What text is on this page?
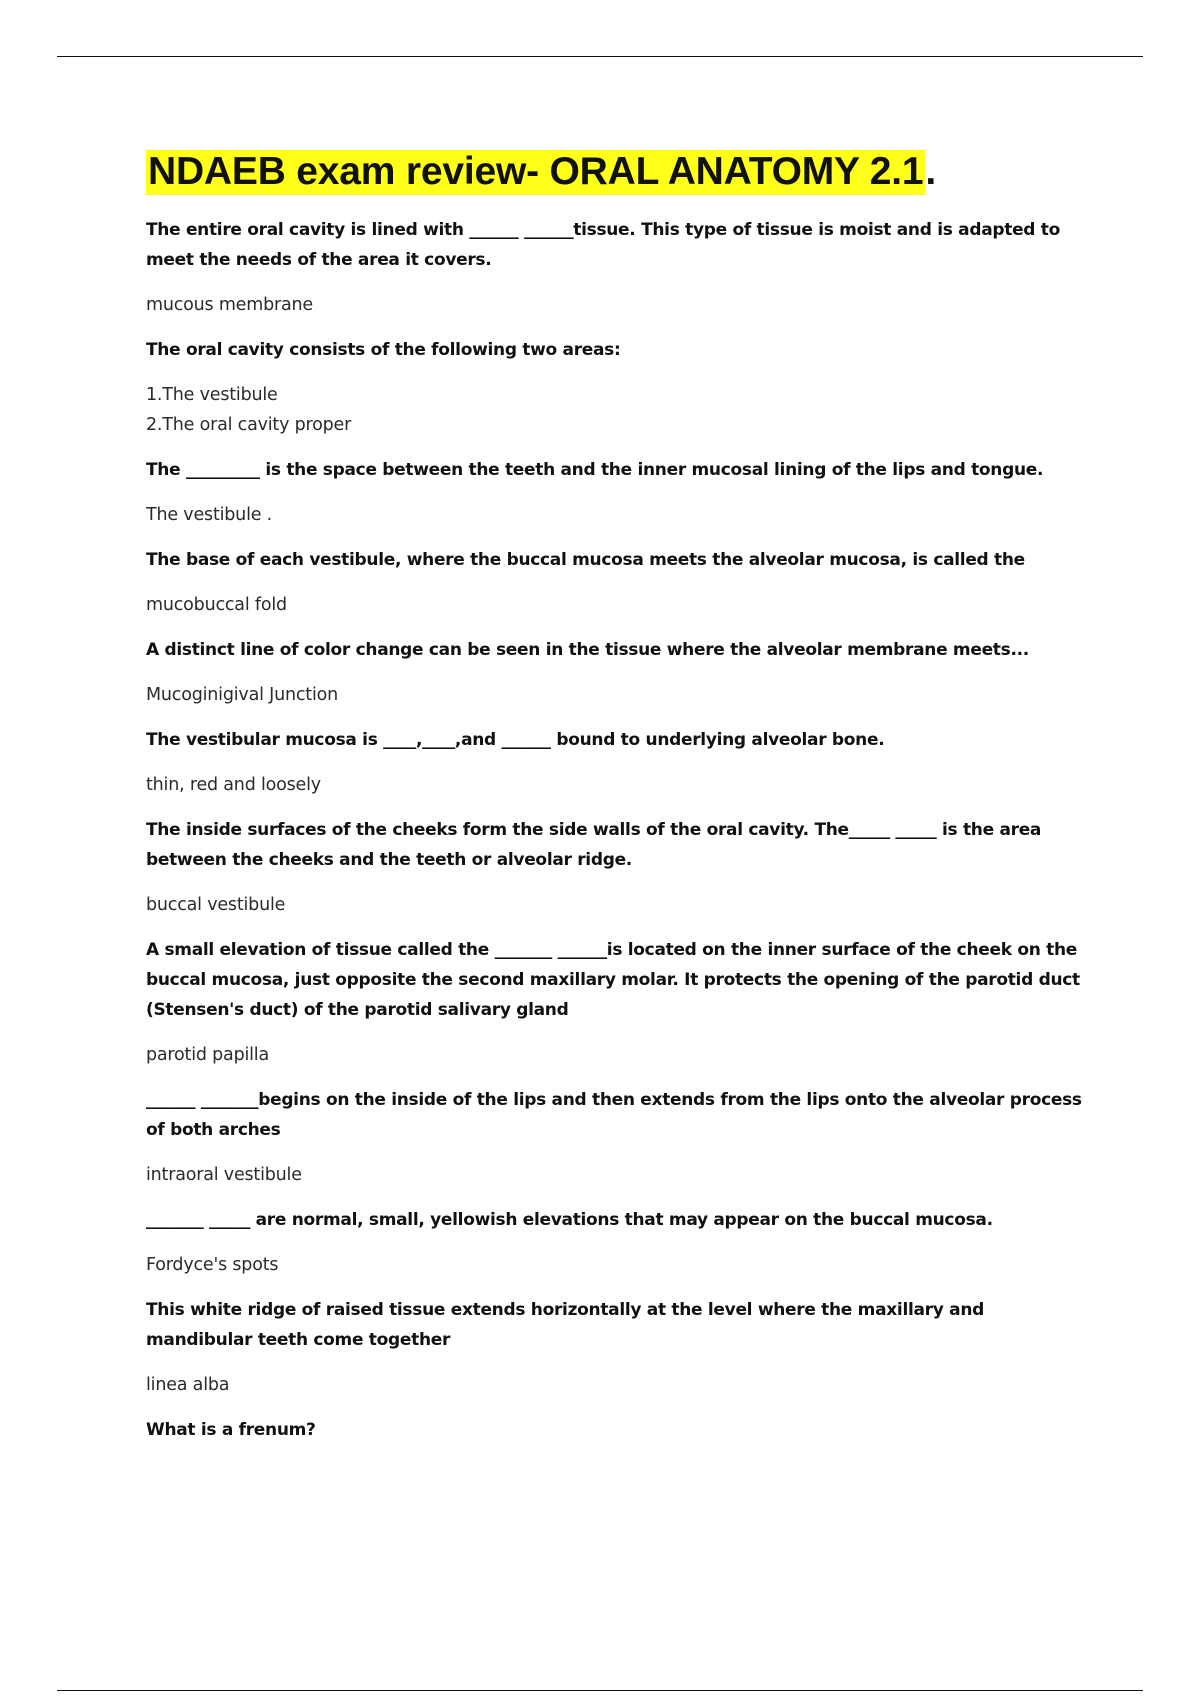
NDAEB exam review- ORAL ANATOMY 2.1.

The entire oral cavity is lined with ______ ______tissue. This type of tissue is moist and is adapted to meet the needs of the area it covers.

mucous membrane

The oral cavity consists of the following two areas:

1.The vestibule
2.The oral cavity proper

The _________ is the space between the teeth and the inner mucosal lining of the lips and tongue.

The vestibule .

The base of each vestibule, where the buccal mucosa meets the alveolar mucosa, is called the

mucobuccal fold

A distinct line of color change can be seen in the tissue where the alveolar membrane meets...

Mucoginigival Junction

The vestibular mucosa is ____,____,and ______ bound to underlying alveolar bone.

thin, red and loosely

The inside surfaces of the cheeks form the side walls of the oral cavity. The_____ _____ is the area between the cheeks and the teeth or alveolar ridge.

buccal vestibule

A small elevation of tissue called the _______ ______is located on the inner surface of the cheek on the buccal mucosa, just opposite the second maxillary molar. It protects the opening of the parotid duct (Stensen's duct) of the parotid salivary gland

parotid papilla

______ _______begins on the inside of the lips and then extends from the lips onto the alveolar process of both arches

intraoral vestibule

_______ _____ are normal, small, yellowish elevations that may appear on the buccal mucosa.

Fordyce's spots

This white ridge of raised tissue extends horizontally at the level where the maxillary and mandibular teeth come together

linea alba

What is a frenum?
